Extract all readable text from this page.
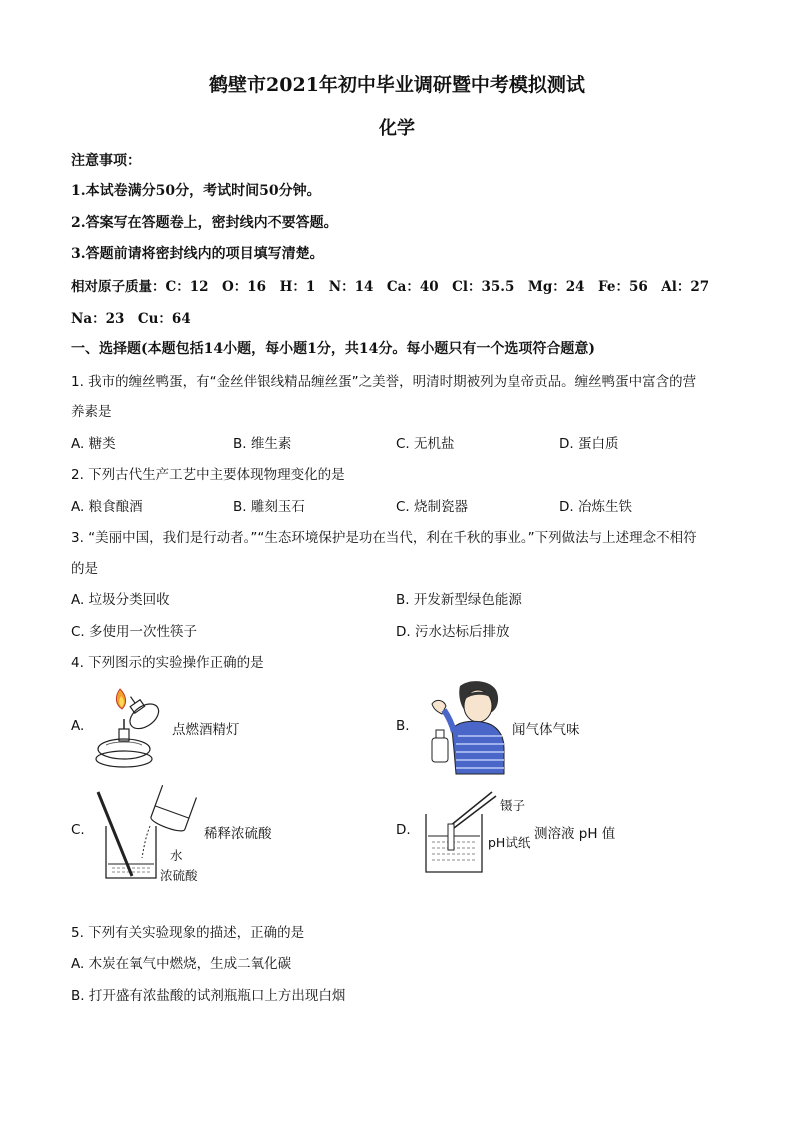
鹤壁市2021年初中毕业调研暨中考模拟测试
化学
注意事项：
1.本试卷满分50分，考试时间50分钟。
2.答案写在答题卷上，密封线内不要答题。
3.答题前请将密封线内的项目填写清楚。
相对原子质量：C：12　O：16　H：1　N：14　Ca：40　Cl：35.5　Mg：24　Fe：56　Al：27
Na：23　Cu：64
一、选择题(本题包括14小题，每小题1分，共14分。每小题只有一个选项符合题意)
1. 我市的缠丝鸭蛋，有“金丝伴银线精品缠丝蛋”之美誉，明清时期被列为皇帝贡品。缠丝鸭蛋中富含的营
养素是
A. 糖类	B. 维生素	C. 无机盐	D. 蛋白质
2. 下列古代生产工艺中主要体现物理变化的是
A. 粮食酿酒	B. 雕刻玉石	C. 烧制瓷器	D. 冶炼生铁
3. “美丽中国，我们是行动者。”“生态环境保护是功在当代，利在千秋的事业。”下列做法与上述理念不相符
的是
A. 垃圾分类回收	B. 开发新型绿色能源
C. 多使用一次性筷子	D. 污水达标后排放
4. 下列图示的实验操作正确的是
A.	点燃酒精灯	B.	闻气体气味
C.
水
浓硫酸
稀释浓硫酸	D.
镊子
pH试纸
测溶液 pH 值
5. 下列有关实验现象的描述，正确的是
A. 木炭在氧气中燃烧，生成二氧化碳
B. 打开盛有浓盐酸的试剂瓶瓶口上方出现白烟
